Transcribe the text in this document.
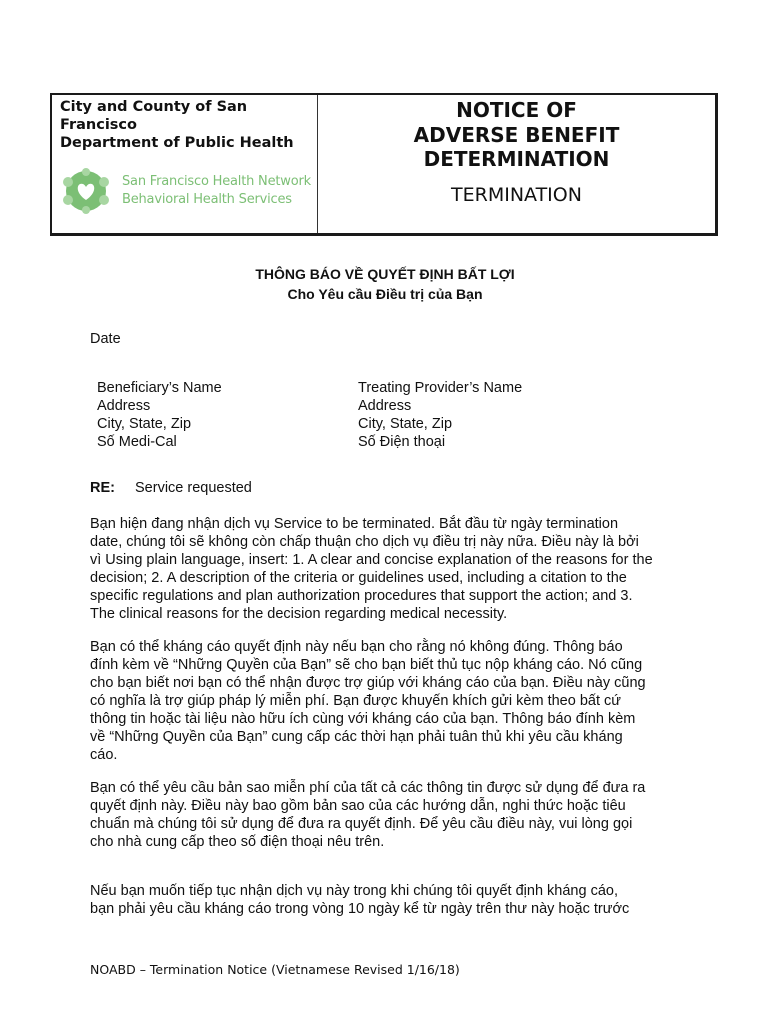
City and County of San
Francisco
Department of Public Health
San Francisco Health Network
Behavioral Health Services
NOTICE OF
ADVERSE BENEFIT
DETERMINATION
TERMINATION
THÔNG BÁO VỀ QUYẾT ĐỊNH BẤT LỢI
Cho Yêu cầu Điều trị của Bạn
Date
Beneficiary’s Name
Address
City, State, Zip
Số Medi-Cal
Treating Provider’s Name
Address
City, State, Zip
Số Điện thoại
RE: Service requested
Bạn hiện đang nhận dịch vụ Service to be terminated. Bắt đầu từ ngày termination
date, chúng tôi sẽ không còn chấp thuận cho dịch vụ điều trị này nữa. Điều này là bởi
vì Using plain language, insert: 1. A clear and concise explanation of the reasons for the
decision; 2. A description of the criteria or guidelines used, including a citation to the
specific regulations and plan authorization procedures that support the action; and 3.
The clinical reasons for the decision regarding medical necessity.
Bạn có thể kháng cáo quyết định này nếu bạn cho rằng nó không đúng. Thông báo
đính kèm về “Những Quyền của Bạn” sẽ cho bạn biết thủ tục nộp kháng cáo. Nó cũng
cho bạn biết nơi bạn có thể nhận được trợ giúp với kháng cáo của bạn. Điều này cũng
có nghĩa là trợ giúp pháp lý miễn phí. Bạn được khuyến khích gửi kèm theo bất cứ
thông tin hoặc tài liệu nào hữu ích cùng với kháng cáo của bạn. Thông báo đính kèm
về “Những Quyền của Bạn” cung cấp các thời hạn phải tuân thủ khi yêu cầu kháng
cáo.
Bạn có thể yêu cầu bản sao miễn phí của tất cả các thông tin được sử dụng để đưa ra
quyết định này. Điều này bao gồm bản sao của các hướng dẫn, nghi thức hoặc tiêu
chuẩn mà chúng tôi sử dụng để đưa ra quyết định. Để yêu cầu điều này, vui lòng gọi
cho nhà cung cấp theo số điện thoại nêu trên.
Nếu bạn muốn tiếp tục nhận dịch vụ này trong khi chúng tôi quyết định kháng cáo,
bạn phải yêu cầu kháng cáo trong vòng 10 ngày kể từ ngày trên thư này hoặc trước
NOABD – Termination Notice (Vietnamese Revised 1/16/18)
